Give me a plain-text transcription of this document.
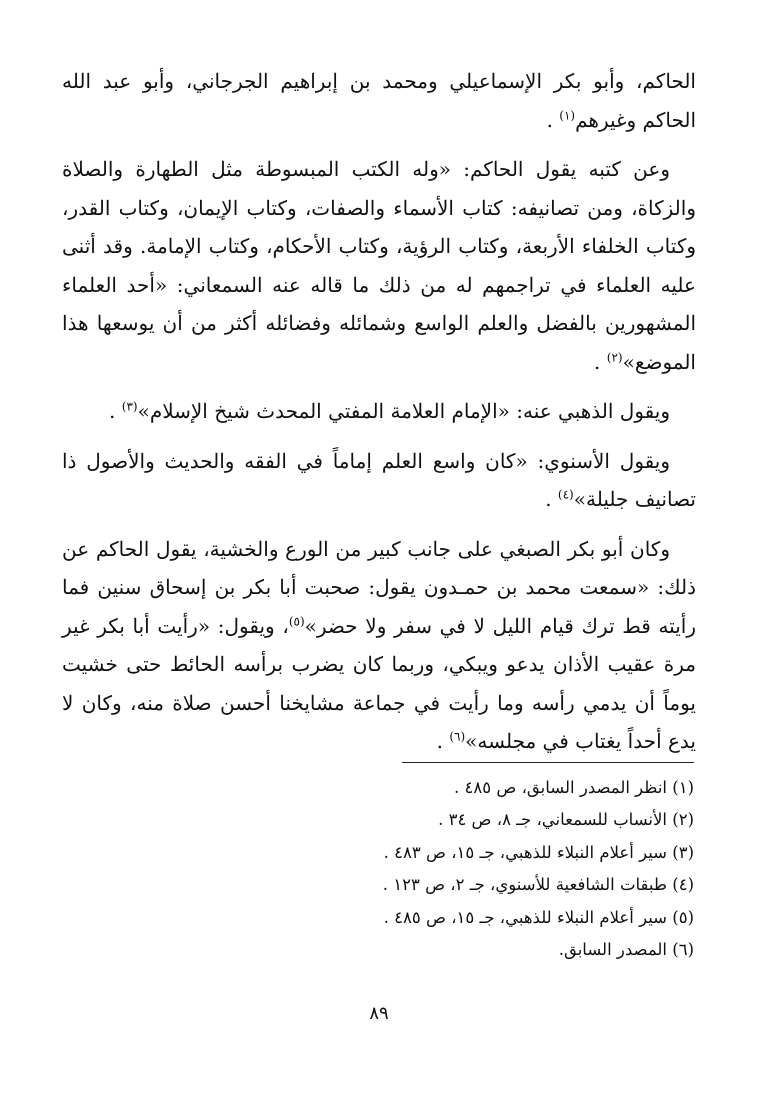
الحاكم، وأبو بكر الإسماعيلي ومحمد بن إبراهيم الجرجاني، وأبو عبد الله الحاكم وغيرهم$^{(١)}$ .

وعن كتبه يقول الحاكم: «وله الكتب المبسوطة مثل الطهارة والصلاة والزكاة، ومن تصانيفه: كتاب الأسماء والصفات، وكتاب الإيمان، وكتاب القدر، وكتاب الخلفاء الأربعة، وكتاب الرؤية، وكتاب الأحكام، وكتاب الإمامة. وقد أثنى عليه العلماء في تراجمهم له من ذلك ما قاله عنه السمعاني: «أحد العلماء المشهورين بالفضل والعلم الواسع وشمائله وفضائله أكثر من أن يوسعها هذا الموضع»$^{(٢)}$ .

ويقول الذهبي عنه: «الإمام العلامة المفتي المحدث شيخ الإسلام»$^{(٣)}$ .

ويقول الأسنوي: «كان واسع العلم إماماً في الفقه والحديث والأصول ذا تصانيف جليلة»$^{(٤)}$ .

وكان أبو بكر الصبغي على جانب كبير من الورع والخشية، يقول الحاكم عن ذلك: «سمعت محمد بن حمـدون يقول: صحبت أبا بكر بن إسحاق سنين فما رأيته قط ترك قيام الليل لا في سفر ولا حضر»$^{(٥)}$، ويقول: «رأيت أبا بكر غير مرة عقيب الأذان يدعو ويبكي، وربما كان يضرب برأسه الحائط حتى خشيت يوماً أن يدمي رأسه وما رأيت في جماعة مشايخنا أحسن صلاة منه، وكان لا يدع أحداً يغتاب في مجلسه»$^{(٦)}$ .

(١) انظر المصدر السابق، ص ٤٨٥ .
(٢) الأنساب للسمعاني، جـ ٨، ص ٣٤ .
(٣) سير أعلام النبلاء للذهبي، جـ ١٥، ص ٤٨٣ .
(٤) طبقات الشافعية للأسنوي، جـ ٢، ص ١٢٣ .
(٥) سير أعلام النبلاء للذهبي، جـ ١٥، ص ٤٨٥ .
(٦) المصدر السابق.
٨٩
